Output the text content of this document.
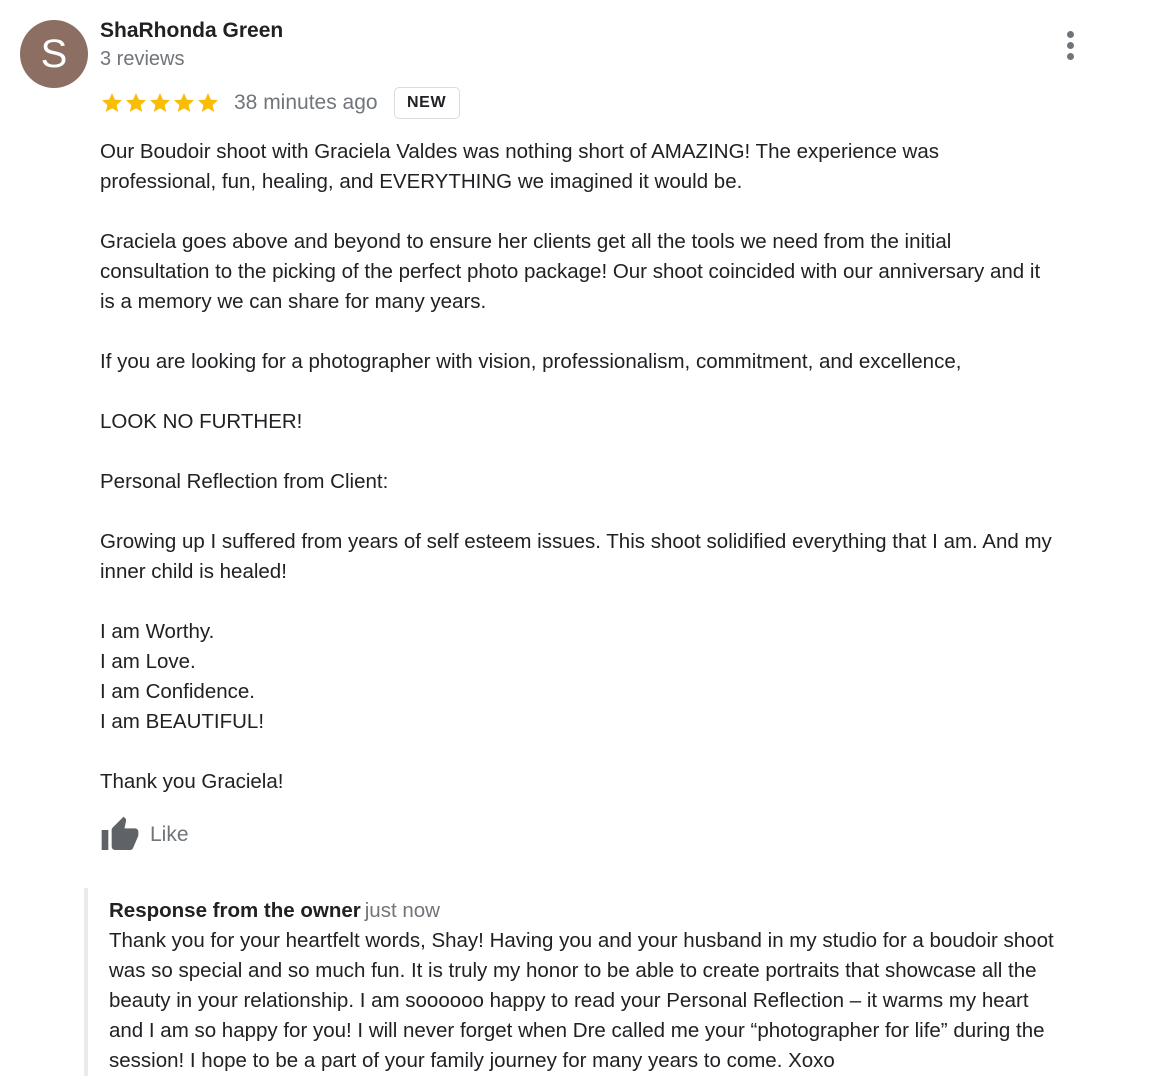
S
ShaRhonda Green
3 reviews
38 minutes ago	NEW
Our Boudoir shoot with Graciela Valdes was nothing short of AMAZING! The experience was
professional, fun, healing, and EVERYTHING we imagined it would be.

Graciela goes above and beyond to ensure her clients get all the tools we need from the initial
consultation to the picking of the perfect photo package! Our shoot coincided with our anniversary and it
is a memory we can share for many years.

If you are looking for a photographer with vision, professionalism, commitment, and excellence,

LOOK NO FURTHER!

Personal Reflection from Client:

Growing up I suffered from years of self esteem issues. This shoot solidified everything that I am. And my
inner child is healed!

I am Worthy.
I am Love.
I am Confidence.
I am BEAUTIFUL!

Thank you Graciela!
Like
Response from the owner just now
Thank you for your heartfelt words, Shay! Having you and your husband in my studio for a boudoir shoot
was so special and so much fun. It is truly my honor to be able to create portraits that showcase all the
beauty in your relationship. I am soooooo happy to read your Personal Reflection – it warms my heart
and I am so happy for you! I will never forget when Dre called me your “photographer for life” during the
session! I hope to be a part of your family journey for many years to come. Xoxo
